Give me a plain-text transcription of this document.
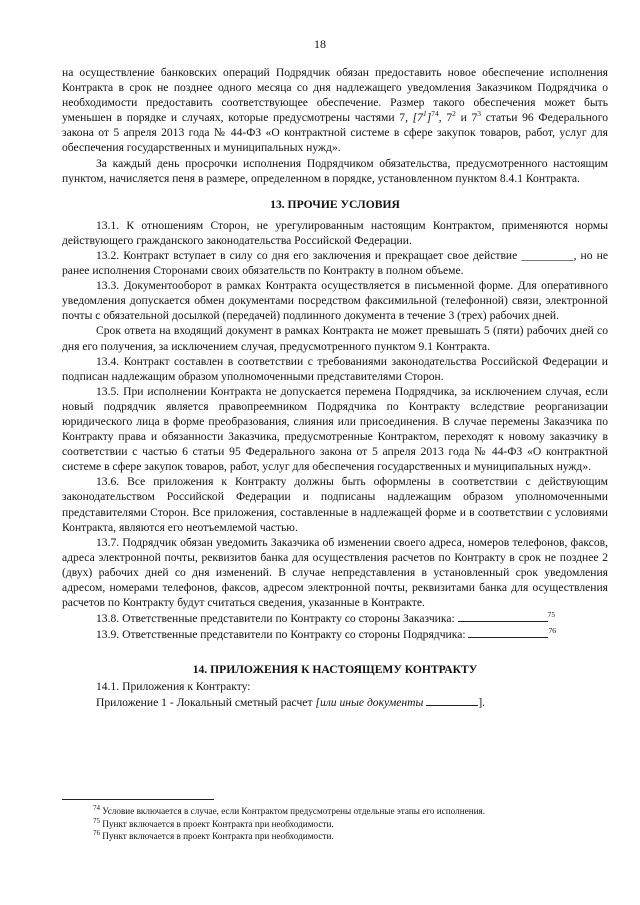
18

на осуществление банковских операций Подрядчик обязан предоставить новое обеспечение исполнения Контракта в срок не позднее одного месяца со дня надлежащего уведомления Заказчиком Подрядчика о необходимости предоставить соответствующее обеспечение. Размер такого обеспечения может быть уменьшен в порядке и случаях, которые предусмотрены частями 7, $[7^1]^{74}$, $7^2$ и $7^3$ статьи 96 Федерального закона от 5 апреля 2013 года № 44-ФЗ «О контрактной системе в сфере закупок товаров, работ, услуг для обеспечения государственных и муниципальных нужд».

За каждый день просрочки исполнения Подрядчиком обязательства, предусмотренного настоящим пунктом, начисляется пеня в размере, определенном в порядке, установленном пунктом 8.4.1 Контракта.

13. ПРОЧИЕ УСЛОВИЯ

13.1. К отношениям Сторон, не урегулированным настоящим Контрактом, применяются нормы действующего гражданского законодательства Российской Федерации.

13.2. Контракт вступает в силу со дня его заключения и прекращает свое действие _________, но не ранее исполнения Сторонами своих обязательств по Контракту в полном объеме.

13.3. Документооборот в рамках Контракта осуществляется в письменной форме. Для оперативного уведомления допускается обмен документами посредством факсимильной (телефонной) связи, электронной почты с обязательной досылкой (передачей) подлинного документа в течение 3 (трех) рабочих дней.

Срок ответа на входящий документ в рамках Контракта не может превышать 5 (пяти) рабочих дней со дня его получения, за исключением случая, предусмотренного пунктом 9.1 Контракта.

13.4. Контракт составлен в соответствии с требованиями законодательства Российской Федерации и подписан надлежащим образом уполномоченными представителями Сторон.

13.5. При исполнении Контракта не допускается перемена Подрядчика, за исключением случая, если новый подрядчик является правопреемником Подрядчика по Контракту вследствие реорганизации юридического лица в форме преобразования, слияния или присоединения. В случае перемены Заказчика по Контракту права и обязанности Заказчика, предусмотренные Контрактом, переходят к новому заказчику в соответствии с частью 6 статьи 95 Федерального закона от 5 апреля 2013 года № 44-ФЗ «О контрактной системе в сфере закупок товаров, работ, услуг для обеспечения государственных и муниципальных нужд».

13.6. Все приложения к Контракту должны быть оформлены в соответствии с действующим законодательством Российской Федерации и подписаны надлежащим образом уполномоченными представителями Сторон. Все приложения, составленные в надлежащей форме и в соответствии с условиями Контракта, являются его неотъемлемой частью.

13.7. Подрядчик обязан уведомить Заказчика об изменении своего адреса, номеров телефонов, факсов, адреса электронной почты, реквизитов банка для осуществления расчетов по Контракту в срок не позднее 2 (двух) рабочих дней со дня изменений. В случае непредставления в установленный срок уведомления адресом, номерами телефонов, факсов, адресом электронной почты, реквизитами банка для осуществления расчетов по Контракту будут считаться сведения, указанные в Контракте.

13.8. Ответственные представители по Контракту со стороны Заказчика:	$^{75}$

13.9. Ответственные представители по Контракту со стороны Подрядчика:	$^{76}$

14. ПРИЛОЖЕНИЯ К НАСТОЯЩЕМУ КОНТРАКТУ

14.1. Приложения к Контракту:

Приложение 1 - Локальный сметный расчет [или иные документы	].

$^{74}$ Условие включается в случае, если Контрактом предусмотрены отдельные этапы его исполнения.
$^{75}$ Пункт включается в проект Контракта при необходимости.
$^{76}$ Пункт включается в проект Контракта при необходимости.
